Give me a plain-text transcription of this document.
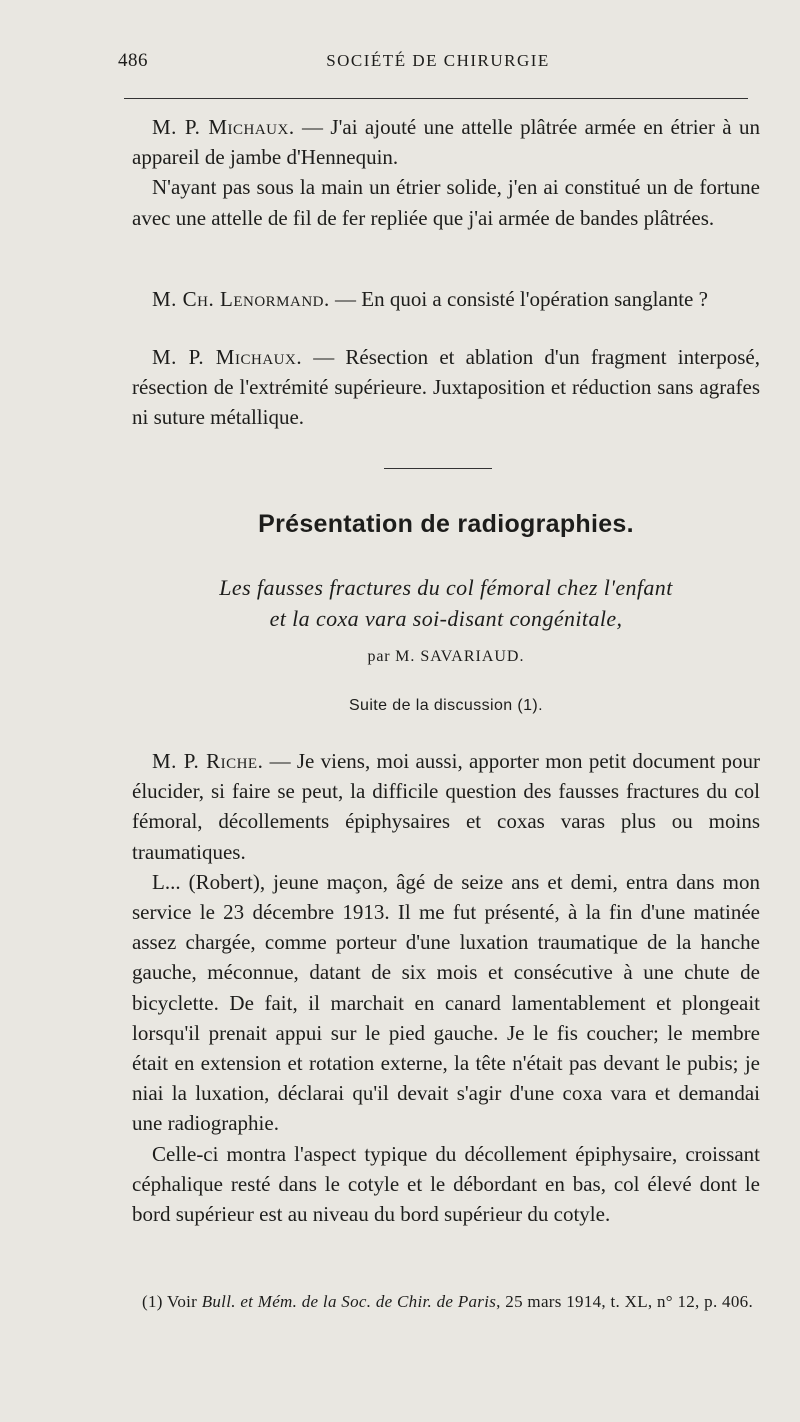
486	SOCIÉTÉ DE CHIRURGIE

M. P. Michaux. — J'ai ajouté une attelle plâtrée armée en étrier à un appareil de jambe d'Hennequin.

N'ayant pas sous la main un étrier solide, j'en ai constitué un de fortune avec une attelle de fil de fer repliée que j'ai armée de bandes plâtrées.

M. Ch. Lenormand. — En quoi a consisté l'opération sanglante ?

M. P. Michaux. — Résection et ablation d'un fragment interposé, résection de l'extrémité supérieure. Juxtaposition et réduction sans agrafes ni suture métallique.

Présentation de radiographies.
Les fausses fractures du col fémoral chez l'enfant
et la coxa vara soi-disant congénitale,
par M. SAVARIAUD.
Suite de la discussion (1).

M. P. Riche. — Je viens, moi aussi, apporter mon petit document pour élucider, si faire se peut, la difficile question des fausses fractures du col fémoral, décollements épiphysaires et coxas varas plus ou moins traumatiques.

L... (Robert), jeune maçon, âgé de seize ans et demi, entra dans mon service le 23 décembre 1913. Il me fut présenté, à la fin d'une matinée assez chargée, comme porteur d'une luxation traumatique de la hanche gauche, méconnue, datant de six mois et consécutive à une chute de bicyclette. De fait, il marchait en canard lamentablement et plongeait lorsqu'il prenait appui sur le pied gauche. Je le fis coucher; le membre était en extension et rotation externe, la tête n'était pas devant le pubis; je niai la luxation, déclarai qu'il devait s'agir d'une coxa vara et demandai une radiographie.

Celle-ci montra l'aspect typique du décollement épiphysaire, croissant céphalique resté dans le cotyle et le débordant en bas, col élevé dont le bord supérieur est au niveau du bord supérieur du cotyle.

(1) Voir Bull. et Mém. de la Soc. de Chir. de Paris, 25 mars 1914, t. XL, n° 12, p. 406.
